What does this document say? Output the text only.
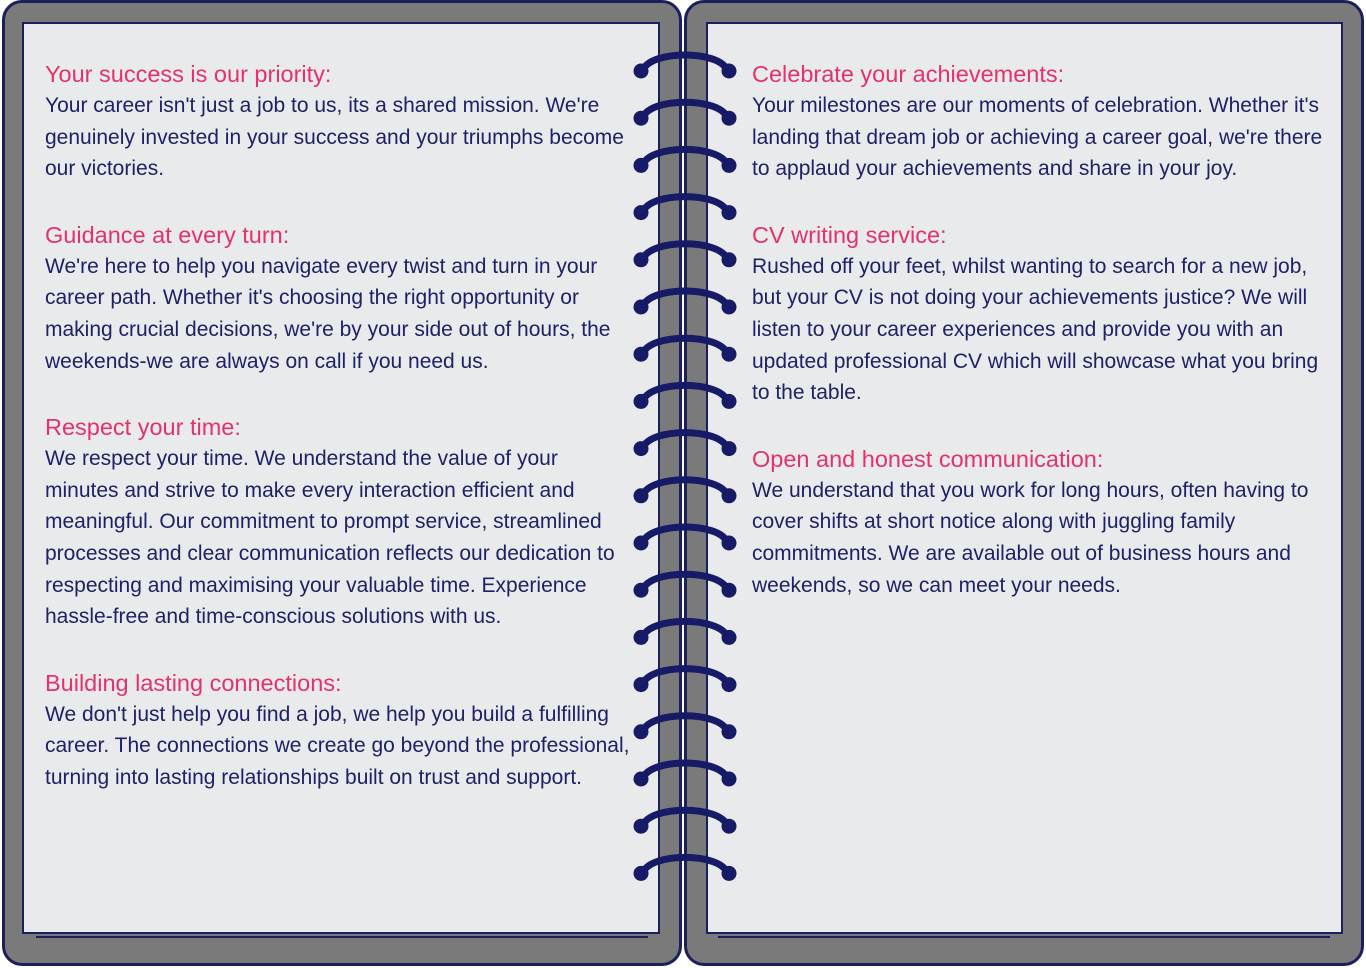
Your success is our priority:

Your career isn't just a job to us, its a shared mission. We're genuinely invested in your success and your triumphs become our victories.

Guidance at every turn:

We're here to help you navigate every twist and turn in your career path. Whether it's choosing the right opportunity or making crucial decisions, we're by your side out of hours, the weekends-we are always on call if you need us.

Respect your time:

We respect your time. We understand the value of your minutes and strive to make every interaction efficient and meaningful. Our commitment to prompt service, streamlined processes and clear communication reflects our dedication to respecting and maximising your valuable time. Experience hassle-free and time-conscious solutions with us.

Building lasting connections:

We don't just help you find a job, we help you build a fulfilling career. The connections we create go beyond the professional, turning into lasting relationships built on trust and support.

Celebrate your achievements:

Your milestones are our moments of celebration. Whether it's landing that dream job or achieving a career goal, we're there to applaud your achievements and share in your joy.

CV writing service:

Rushed off your feet, whilst wanting to search for a new job, but your CV is not doing your achievements justice? We will listen to your career experiences and provide you with an updated professional CV which will showcase what you bring to the table.

Open and honest communication:

We understand that you work for long hours, often having to cover shifts at short notice along with juggling family commitments. We are available out of business hours and weekends, so we can meet your needs.
